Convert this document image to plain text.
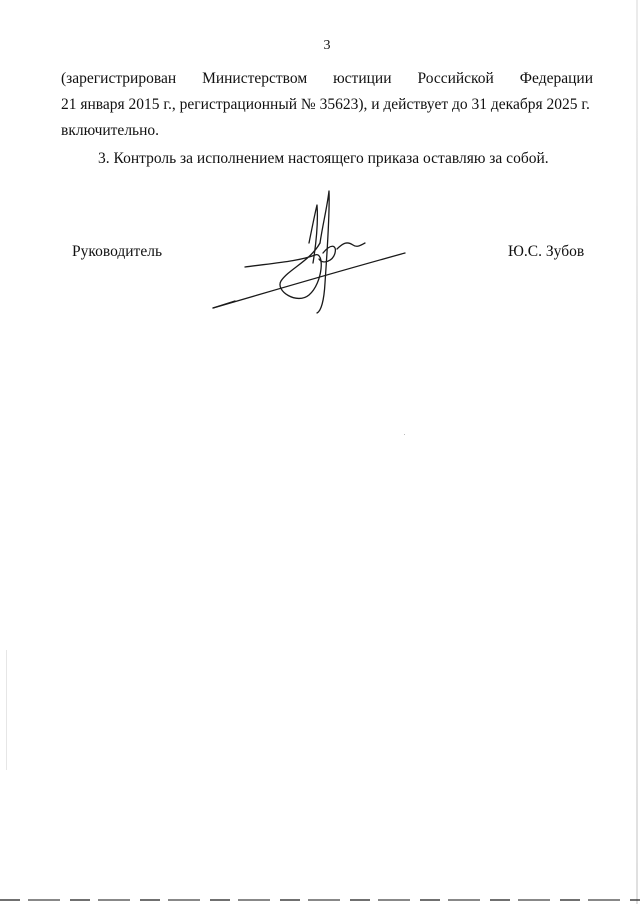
3
(зарегистрирован Министерством юстиции Российской Федерации
21 января 2015 г., регистрационный № 35623), и действует до 31 декабря 2025 г.
включительно.
3. Контроль за исполнением настоящего приказа оставляю за собой.
Руководитель	Ю.С. Зубов
